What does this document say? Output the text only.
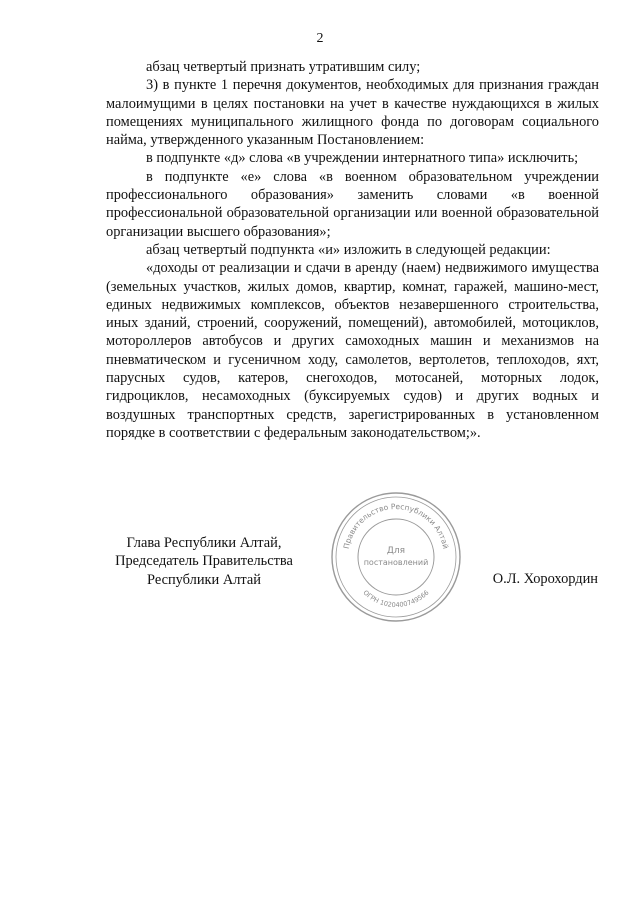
2

абзац четвертый признать утратившим силу;

3) в пункте 1 перечня документов, необходимых для признания граждан малоимущими в целях постановки на учет в качестве нуждающихся в жилых помещениях муниципального жилищного фонда по договорам социального найма, утвержденного указанным Постановлением:

в подпункте «д» слова «в учреждении интернатного типа» исключить;

в подпункте «е» слова «в военном образовательном учреждении профессионального образования» заменить словами «в военной профессиональной образовательной организации или военной образовательной организации высшего образования»;

абзац четвертый подпункта «и» изложить в следующей редакции:

«доходы от реализации и сдачи в аренду (наем) недвижимого имущества (земельных участков, жилых домов, квартир, комнат, гаражей, машино-мест, единых недвижимых комплексов, объектов незавершенного строительства, иных зданий, строений, сооружений, помещений), автомобилей, мотоциклов, мотороллеров автобусов и других самоходных машин и механизмов на пневматическом и гусеничном ходу, самолетов, вертолетов, теплоходов, яхт, парусных судов, катеров, снегоходов, мотосаней, моторных лодок, гидроциклов, несамоходных (буксируемых судов) и других водных и воздушных транспортных средств, зарегистрированных в установленном порядке в соответствии с федеральным законодательством;».

Глава Республики Алтай,
Председатель Правительства
Республики Алтай	О.Л. Хорохордин
Правительство Республики Алтай
ОГРН 1020400749566
Для
постановлений
